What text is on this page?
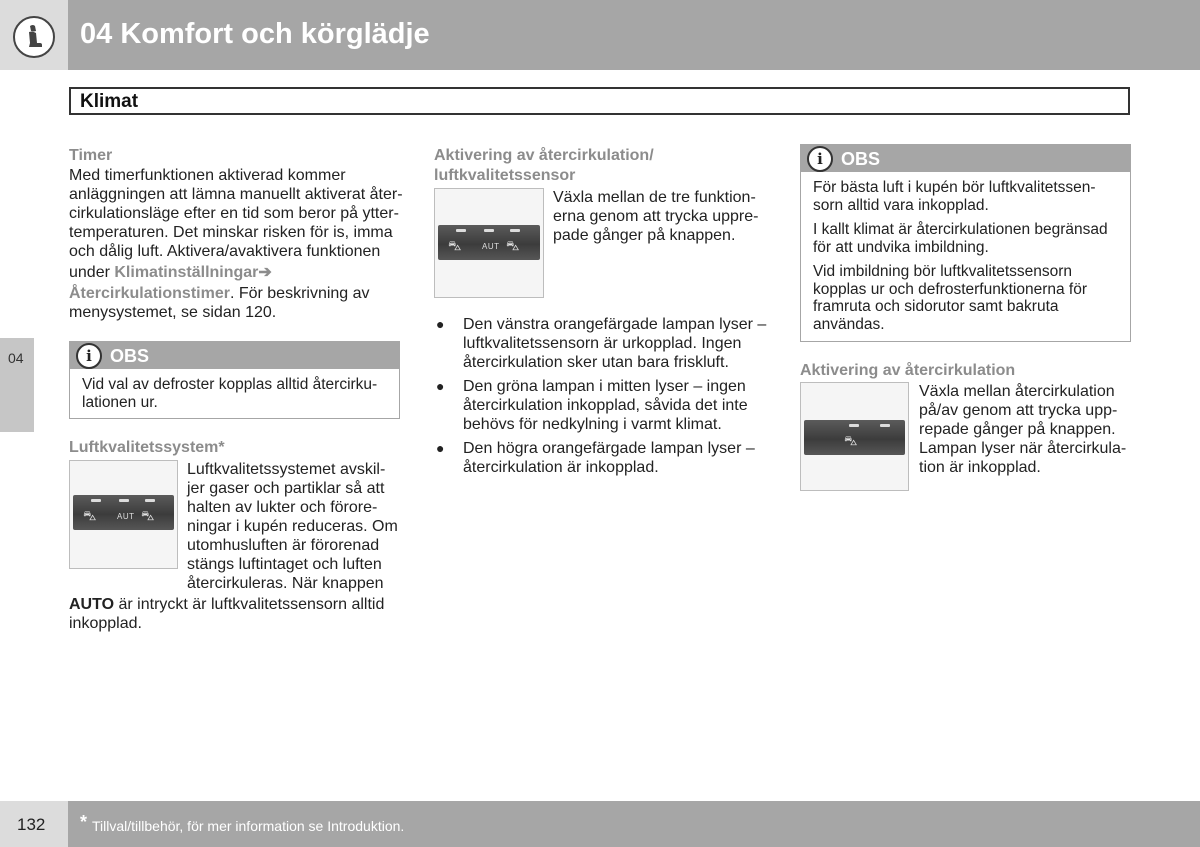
04 Komfort och körglädje
Klimat
04
Timer
Med timerfunktionen aktiverad kommer
anläggningen att lämna manuellt aktiverat åter-
cirkulationsläge efter en tid som beror på ytter-
temperaturen. Det minskar risken för is, imma
och dålig luft. Aktivera/avaktivera funktionen
under Klimatinställningar➔
Återcirkulationstimer. För beskrivning av
menysystemet, se sidan 120.
i	OBS
Vid val av defroster kopplas alltid återcirku-
lationen ur.
Luftkvalitetssystem*
⛍	AUT ⛍
Luftkvalitetssystemet avskil-
jer gaser och partiklar så att
halten av lukter och förore-
ningar i kupén reduceras. Om
utomhusluften är förorenad
stängs luftintaget och luften
återcirkuleras. När knappen
AUTO är intryckt är luftkvalitetssensorn alltid
inkopplad.
Aktivering av återcirkulation/
luftkvalitetssensor
⛍	AUT ⛍
Växla mellan de tre funktion-
erna genom att trycka uppre-
pade gånger på knappen.
● Den vänstra orangefärgade lampan lyser –
luftkvalitetssensorn är urkopplad. Ingen
återcirkulation sker utan bara friskluft.
● Den gröna lampan i mitten lyser – ingen
återcirkulation inkopplad, såvida det inte
behövs för nedkylning i varmt klimat.
● Den högra orangefärgade lampan lyser –
återcirkulation är inkopplad.
i	OBS
För bästa luft i kupén bör luftkvalitetssen-
sorn alltid vara inkopplad.
I kallt klimat är återcirkulationen begränsad
för att undvika imbildning.
Vid imbildning bör luftkvalitetssensorn
kopplas ur och defrosterfunktionerna för
framruta och sidorutor samt bakruta
användas.
Aktivering av återcirkulation
⛍
Växla mellan återcirkulation
på/av genom att trycka upp-
repade gånger på knappen.
Lampan lyser när återcirkula-
tion är inkopplad.
132 * Tillval/tillbehör, för mer information se Introduktion.
